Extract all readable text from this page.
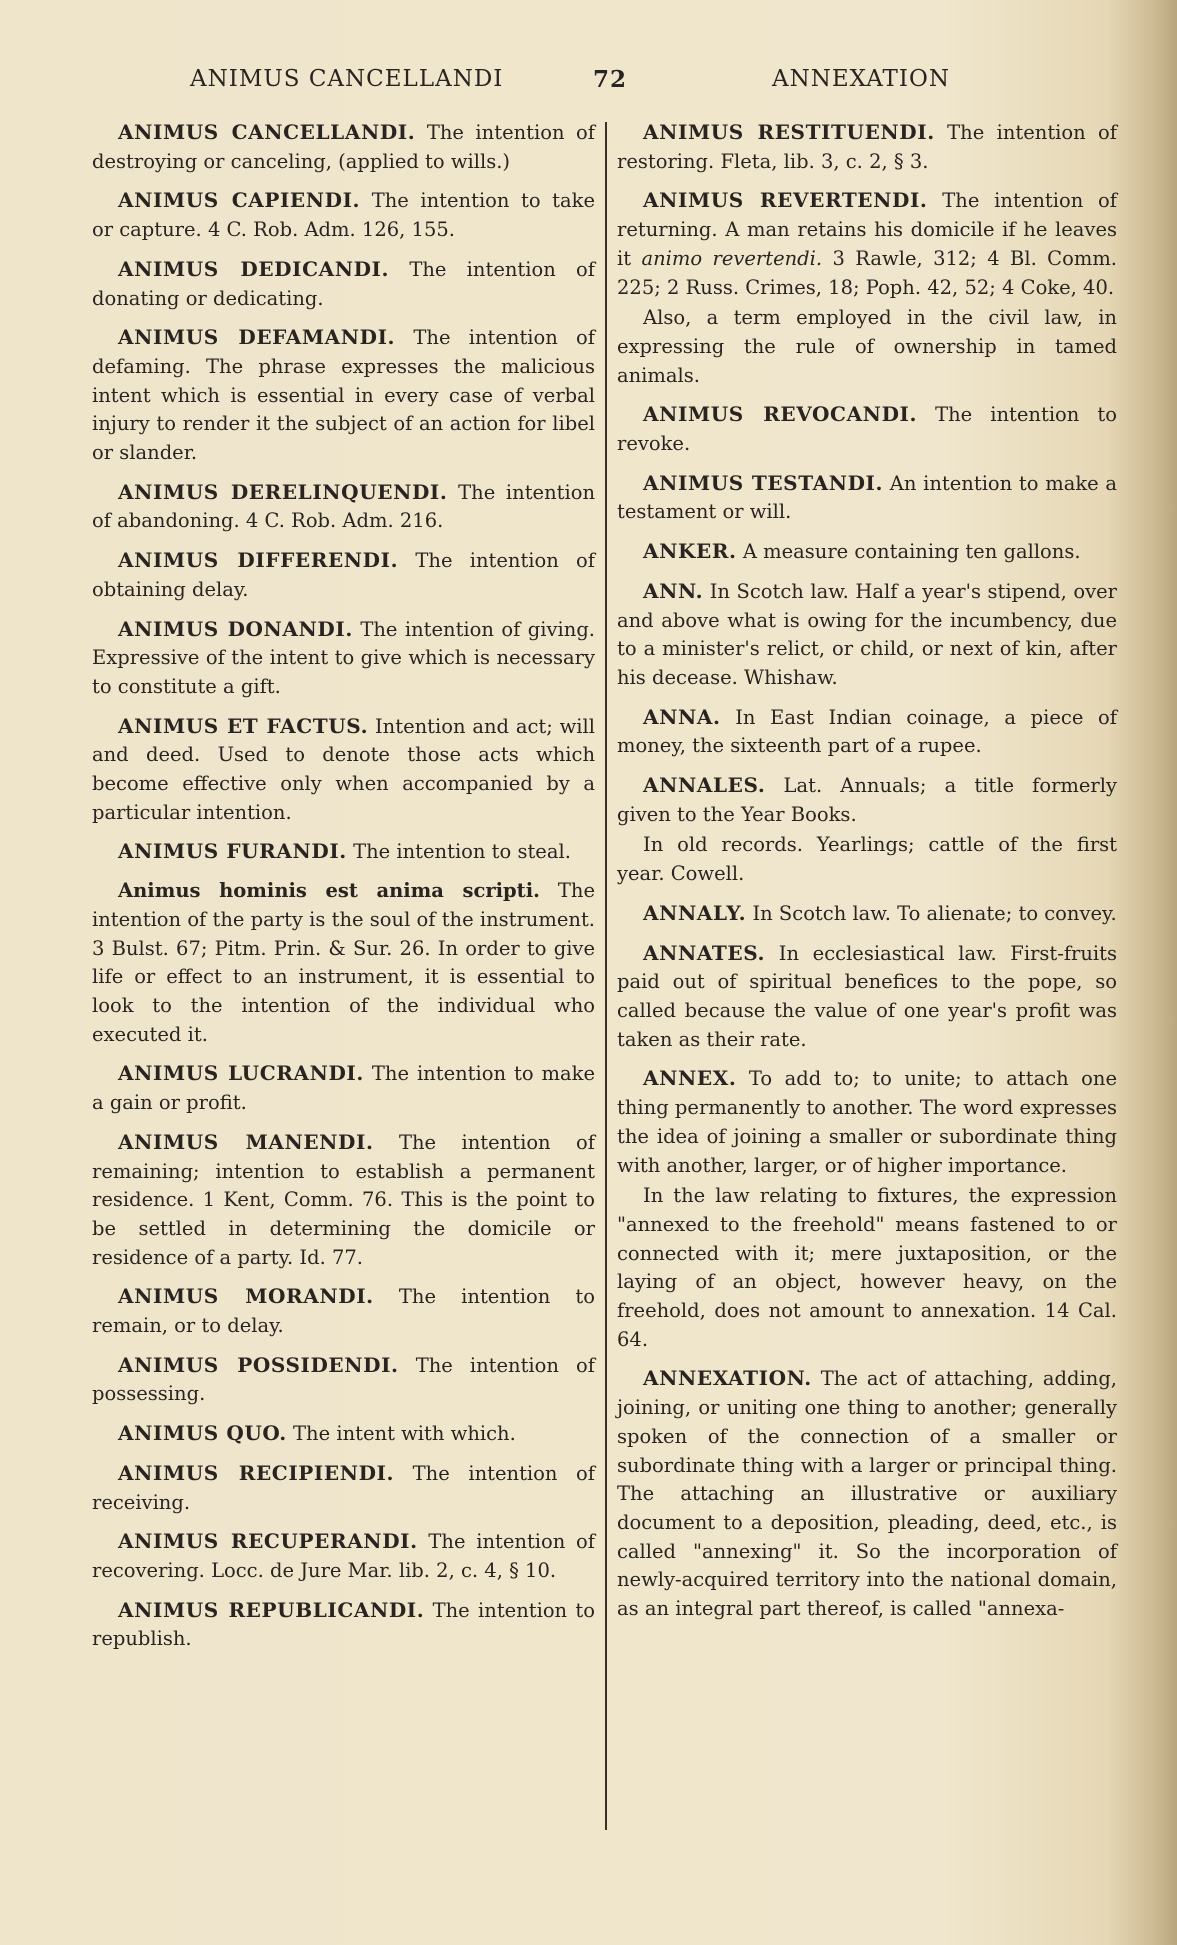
ANIMUS CANCELLANDI	72	ANNEXATION

ANIMUS CANCELLANDI. The intention of destroying or canceling, (applied to wills.)

ANIMUS CAPIENDI. The intention to take or capture. 4 C. Rob. Adm. 126, 155.

ANIMUS DEDICANDI. The intention of donating or dedicating.

ANIMUS DEFAMANDI. The intention of defaming. The phrase expresses the malicious intent which is essential in every case of verbal injury to render it the subject of an action for libel or slander.

ANIMUS DERELINQUENDI. The intention of abandoning. 4 C. Rob. Adm. 216.

ANIMUS DIFFERENDI. The intention of obtaining delay.

ANIMUS DONANDI. The intention of giving. Expressive of the intent to give which is necessary to constitute a gift.

ANIMUS ET FACTUS. Intention and act; will and deed. Used to denote those acts which become effective only when accompanied by a particular intention.

ANIMUS FURANDI. The intention to steal.

Animus hominis est anima scripti. The intention of the party is the soul of the instrument. 3 Bulst. 67; Pitm. Prin. & Sur. 26. In order to give life or effect to an instrument, it is essential to look to the intention of the individual who executed it.

ANIMUS LUCRANDI. The intention to make a gain or profit.

ANIMUS MANENDI. The intention of remaining; intention to establish a permanent residence. 1 Kent, Comm. 76. This is the point to be settled in determining the domicile or residence of a party. Id. 77.

ANIMUS MORANDI. The intention to remain, or to delay.

ANIMUS POSSIDENDI. The intention of possessing.

ANIMUS QUO. The intent with which.

ANIMUS RECIPIENDI. The intention of receiving.

ANIMUS RECUPERANDI. The intention of recovering. Locc. de Jure Mar. lib. 2, c. 4, § 10.

ANIMUS REPUBLICANDI. The intention to republish.

ANIMUS RESTITUENDI. The intention of restoring. Fleta, lib. 3, c. 2, § 3.

ANIMUS REVERTENDI. The intention of returning. A man retains his domicile if he leaves it animo revertendi. 3 Rawle, 312; 4 Bl. Comm. 225; 2 Russ. Crimes, 18; Poph. 42, 52; 4 Coke, 40.

Also, a term employed in the civil law, in expressing the rule of ownership in tamed animals.

ANIMUS REVOCANDI. The intention to revoke.

ANIMUS TESTANDI. An intention to make a testament or will.

ANKER. A measure containing ten gallons.

ANN. In Scotch law. Half a year's stipend, over and above what is owing for the incumbency, due to a minister's relict, or child, or next of kin, after his decease. Whishaw.

ANNA. In East Indian coinage, a piece of money, the sixteenth part of a rupee.

ANNALES. Lat. Annuals; a title formerly given to the Year Books.

In old records. Yearlings; cattle of the first year. Cowell.

ANNALY. In Scotch law. To alienate; to convey.

ANNATES. In ecclesiastical law. First-fruits paid out of spiritual benefices to the pope, so called because the value of one year's profit was taken as their rate.

ANNEX. To add to; to unite; to attach one thing permanently to another. The word expresses the idea of joining a smaller or subordinate thing with another, larger, or of higher importance.

In the law relating to fixtures, the expression "annexed to the freehold" means fastened to or connected with it; mere juxtaposition, or the laying of an object, however heavy, on the freehold, does not amount to annexation. 14 Cal. 64.

ANNEXATION. The act of attaching, adding, joining, or uniting one thing to another; generally spoken of the connection of a smaller or subordinate thing with a larger or principal thing. The attaching an illustrative or auxiliary document to a deposition, pleading, deed, etc., is called "annexing" it. So the incorporation of newly-acquired territory into the national domain, as an integral part thereof, is called "annexa-
